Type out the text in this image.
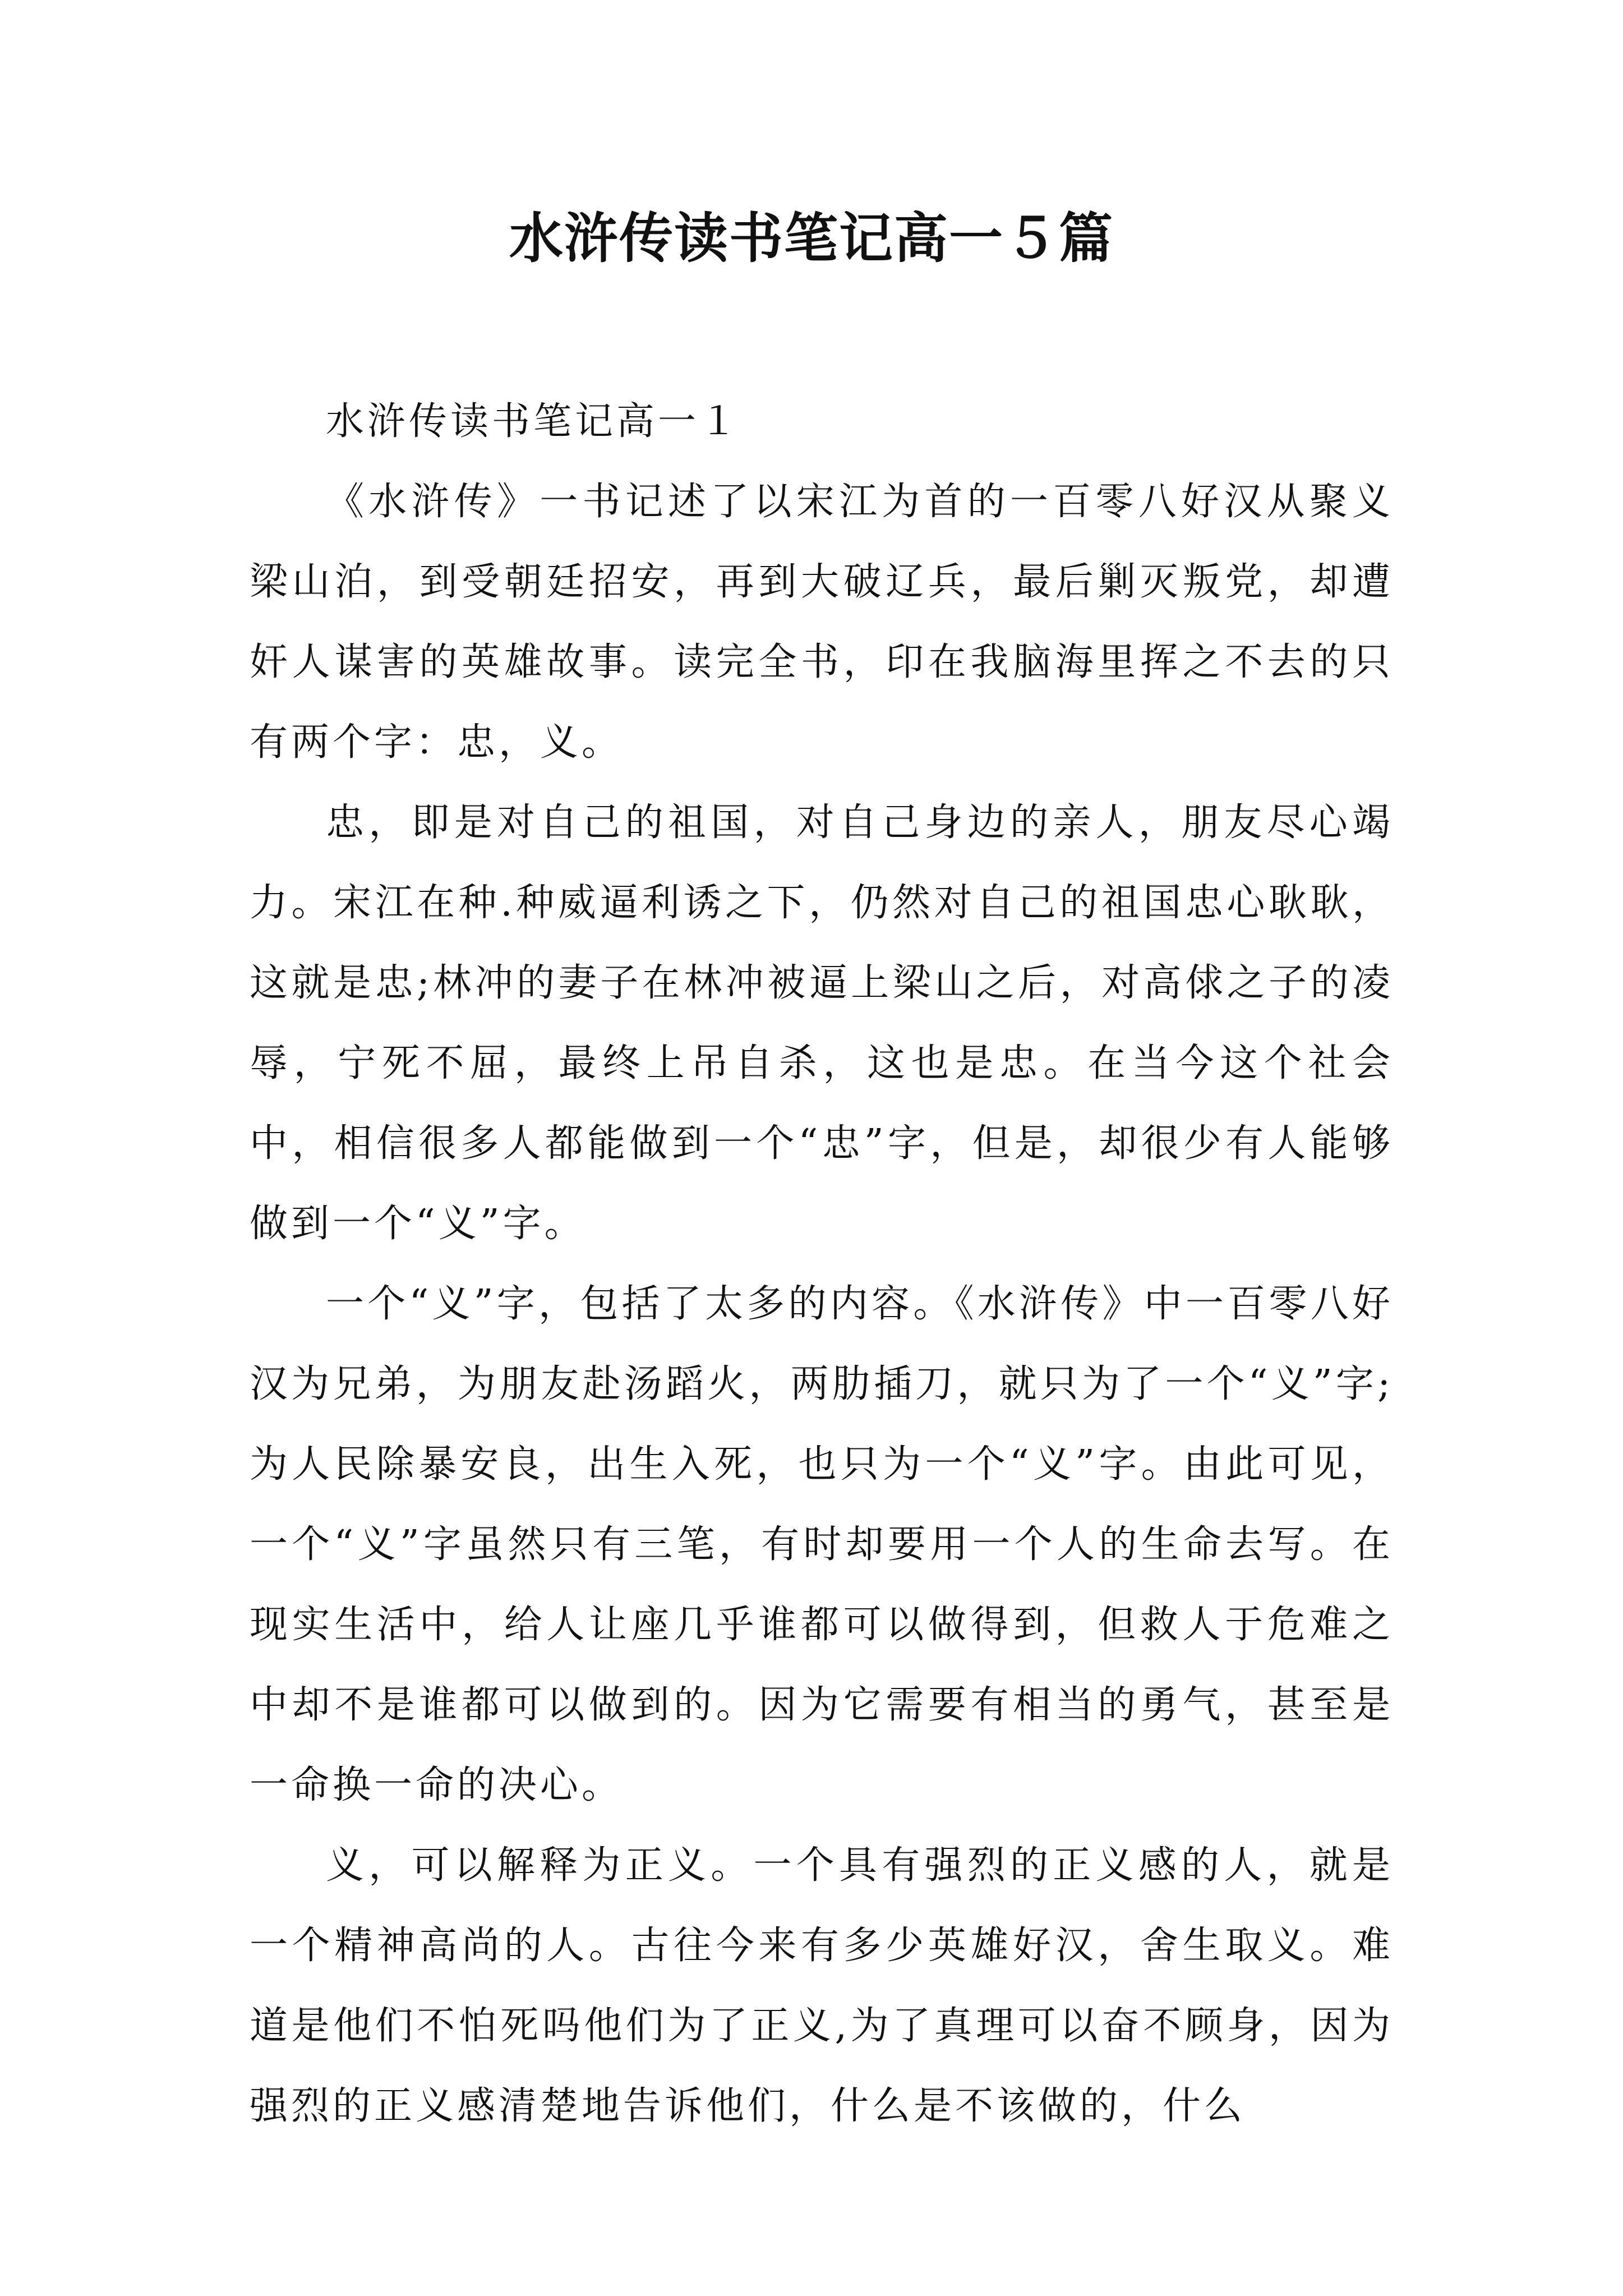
水浒传读书笔记高一５篇

水浒传读书笔记高一１

《水浒传》一书记述了以宋江为首的一百零八好汉从聚义梁山泊，到受朝廷招安，再到大破辽兵，最后剿灭叛党，却遭奸人谋害的英雄故事。读完全书，印在我脑海里挥之不去的只有两个字：忠，义。

忠，即是对自己的祖国，对自己身边的亲人，朋友尽心竭力。宋江在种.种威逼利诱之下，仍然对自己的祖国忠心耿耿，这就是忠;林冲的妻子在林冲被逼上梁山之后，对高俅之子的凌辱，宁死不屈，最终上吊自杀，这也是忠。在当今这个社会中，相信很多人都能做到一个“忠”字，但是，却很少有人能够做到一个“义”字。

一个“义”字，包括了太多的内容。《水浒传》中一百零八好汉为兄弟，为朋友赴汤蹈火，两肋插刀，就只为了一个“义”字;为人民除暴安良，出生入死，也只为一个“义”字。由此可见，一个“义”字虽然只有三笔，有时却要用一个人的生命去写。在现实生活中，给人让座几乎谁都可以做得到，但救人于危难之中却不是谁都可以做到的。因为它需要有相当的勇气，甚至是一命换一命的决心。

义，可以解释为正义。一个具有强烈的正义感的人，就是一个精神高尚的人。古往今来有多少英雄好汉，舍生取义。难道是他们不怕死吗他们为了正义,为了真理可以奋不顾身，因为强烈的正义感清楚地告诉他们，什么是不该做的，什么
